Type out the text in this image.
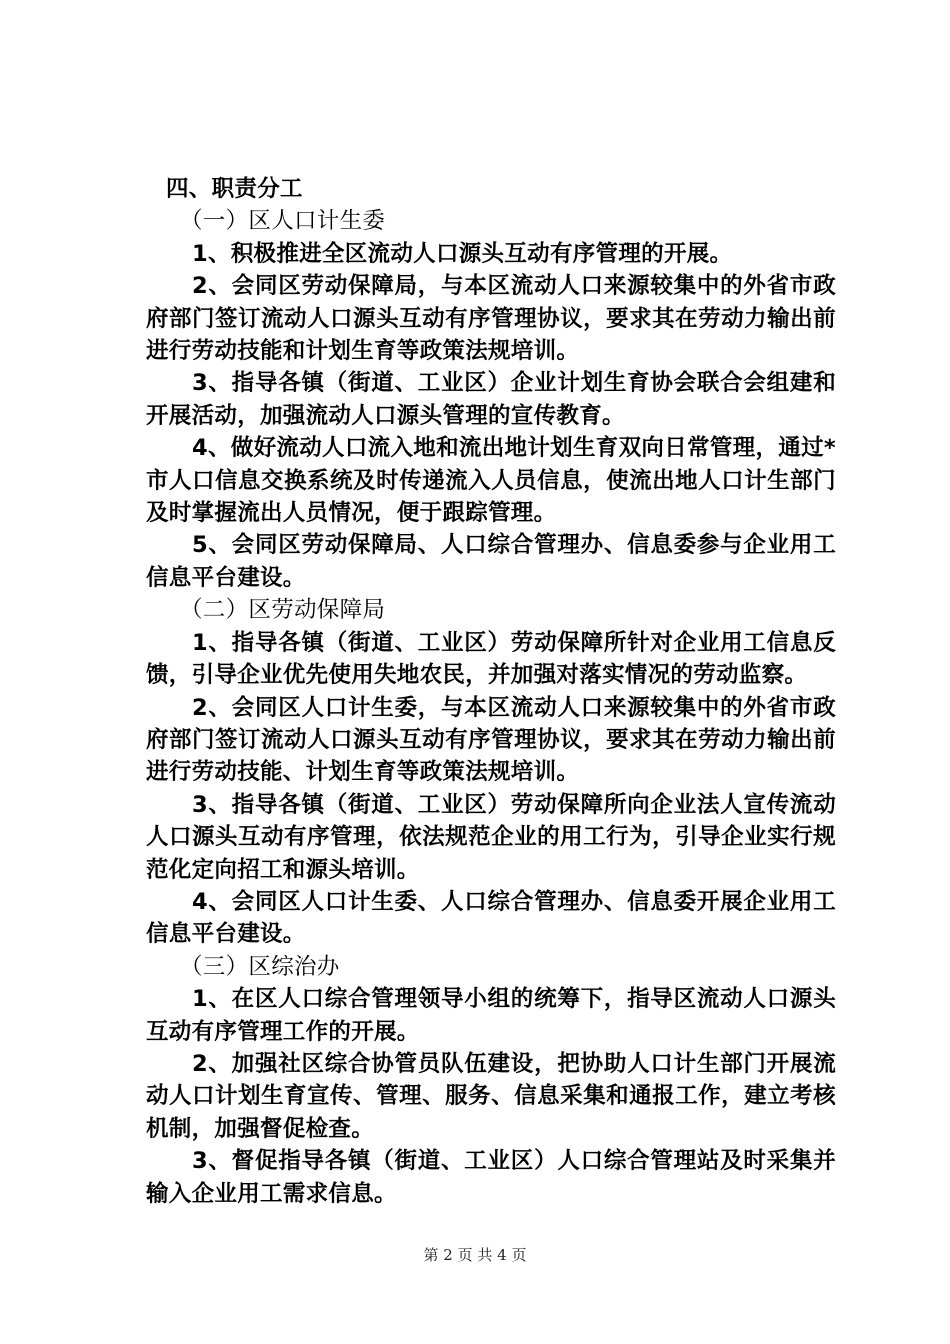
四、职责分工

（一）区人口计生委

1、积极推进全区流动人口源头互动有序管理的开展。

2、会同区劳动保障局，与本区流动人口来源较集中的外省市政府部门签订流动人口源头互动有序管理协议，要求其在劳动力输出前进行劳动技能和计划生育等政策法规培训。

3、指导各镇（街道、工业区）企业计划生育协会联合会组建和开展活动，加强流动人口源头管理的宣传教育。

4、做好流动人口流入地和流出地计划生育双向日常管理，通过*市人口信息交换系统及时传递流入人员信息，使流出地人口计生部门及时掌握流出人员情况，便于跟踪管理。

5、会同区劳动保障局、人口综合管理办、信息委参与企业用工信息平台建设。

（二）区劳动保障局

1、指导各镇（街道、工业区）劳动保障所针对企业用工信息反馈，引导企业优先使用失地农民，并加强对落实情况的劳动监察。

2、会同区人口计生委，与本区流动人口来源较集中的外省市政府部门签订流动人口源头互动有序管理协议，要求其在劳动力输出前进行劳动技能、计划生育等政策法规培训。

3、指导各镇（街道、工业区）劳动保障所向企业法人宣传流动人口源头互动有序管理，依法规范企业的用工行为，引导企业实行规范化定向招工和源头培训。

4、会同区人口计生委、人口综合管理办、信息委开展企业用工信息平台建设。

（三）区综治办

1、在区人口综合管理领导小组的统筹下，指导区流动人口源头互动有序管理工作的开展。

2、加强社区综合协管员队伍建设，把协助人口计生部门开展流动人口计划生育宣传、管理、服务、信息采集和通报工作，建立考核机制，加强督促检查。

3、督促指导各镇（街道、工业区）人口综合管理站及时采集并输入企业用工需求信息。

第 2 页 共 4 页
